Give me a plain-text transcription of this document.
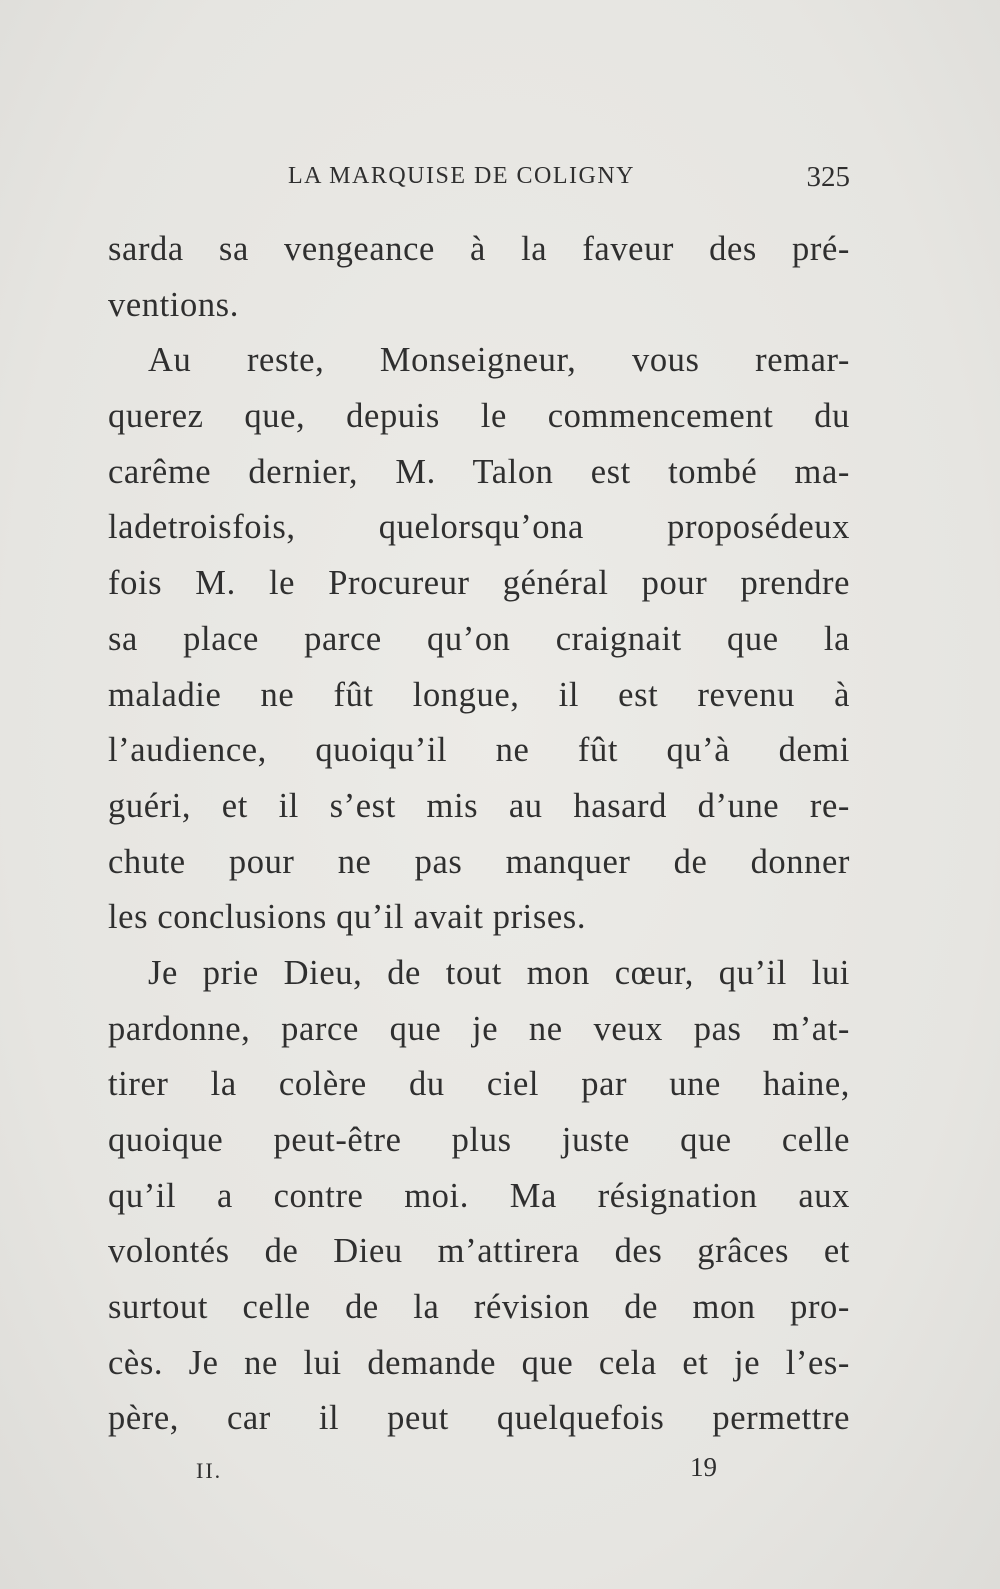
LA MARQUISE DE COLIGNY	325
sarda sa vengeance à la faveur des pré-
ventions.
Au reste, Monseigneur, vous remar-
querez que, depuis le commencement du
carême dernier, M. Talon est tombé ma-
ladetroisfois, quelorsqu’ona proposédeux
fois M. le Procureur général pour prendre
sa place parce qu’on craignait que la
maladie ne fût longue, il est revenu à
l’audience, quoiqu’il ne fût qu’à demi
guéri, et il s’est mis au hasard d’une re-
chute pour ne pas manquer de donner
les conclusions qu’il avait prises.
Je prie Dieu, de tout mon cœur, qu’il lui
pardonne, parce que je ne veux pas m’at-
tirer la colère du ciel par une haine,
quoique peut-être plus juste que celle
qu’il a contre moi. Ma résignation aux
volontés de Dieu m’attirera des grâces et
surtout celle de la révision de mon pro-
cès. Je ne lui demande que cela et je l’es-
père, car il peut quelquefois permettre
II.	19
